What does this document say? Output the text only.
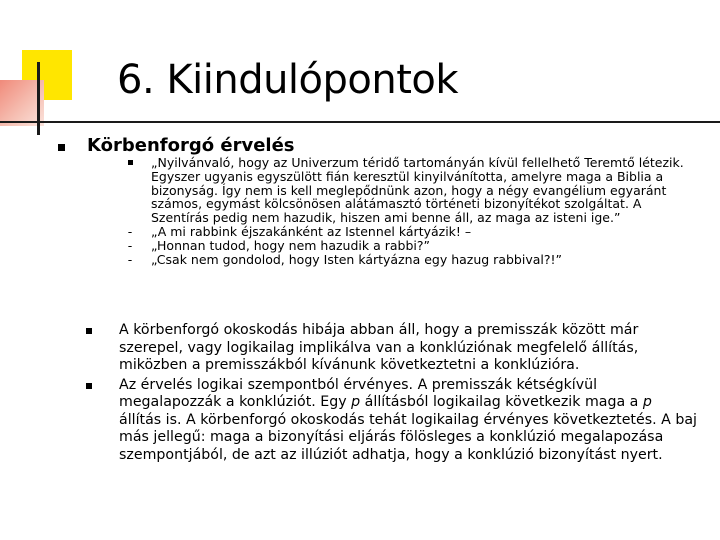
6. Kiindulópontok
Körbenforgó érvelés
„Nyilvánvaló, hogy az Univerzum téridő tartományán kívül fellelhető Teremtő létezik. Egyszer ugyanis egyszülött fián keresztül kinyilvánította, amelyre maga a Biblia a bizonyság. Így nem is kell meglepődnünk azon, hogy a négy evangélium egyaránt számos, egymást kölcsönösen alátámasztó történeti bizonyítékot szolgáltat. A Szentírás pedig nem hazudik, hiszen ami benne áll, az maga az isteni ige.”
- „A mi rabbink éjszakánként az Istennel kártyázik! –
- „Honnan tudod, hogy nem hazudik a rabbi?”
- „Csak nem gondolod, hogy Isten kártyázna egy hazug rabbival?!”
A körbenforgó okoskodás hibája abban áll, hogy a premisszák között már szerepel, vagy logikailag implikálva van a konklúziónak megfelelő állítás, miközben a premisszákból kívánunk következtetni a konklúzióra.
Az érvelés logikai szempontból érvényes. A premisszák kétségkívül megalapozzák a konklúziót. Egy p állításból logikailag következik maga a p állítás is. A körbenforgó okoskodás tehát logikailag érvényes következtetés. A baj más jellegű: maga a bizonyítási eljárás fölösleges a konklúzió megalapozása szempontjából, de azt az illúziót adhatja, hogy a konklúzió bizonyítást nyert.
